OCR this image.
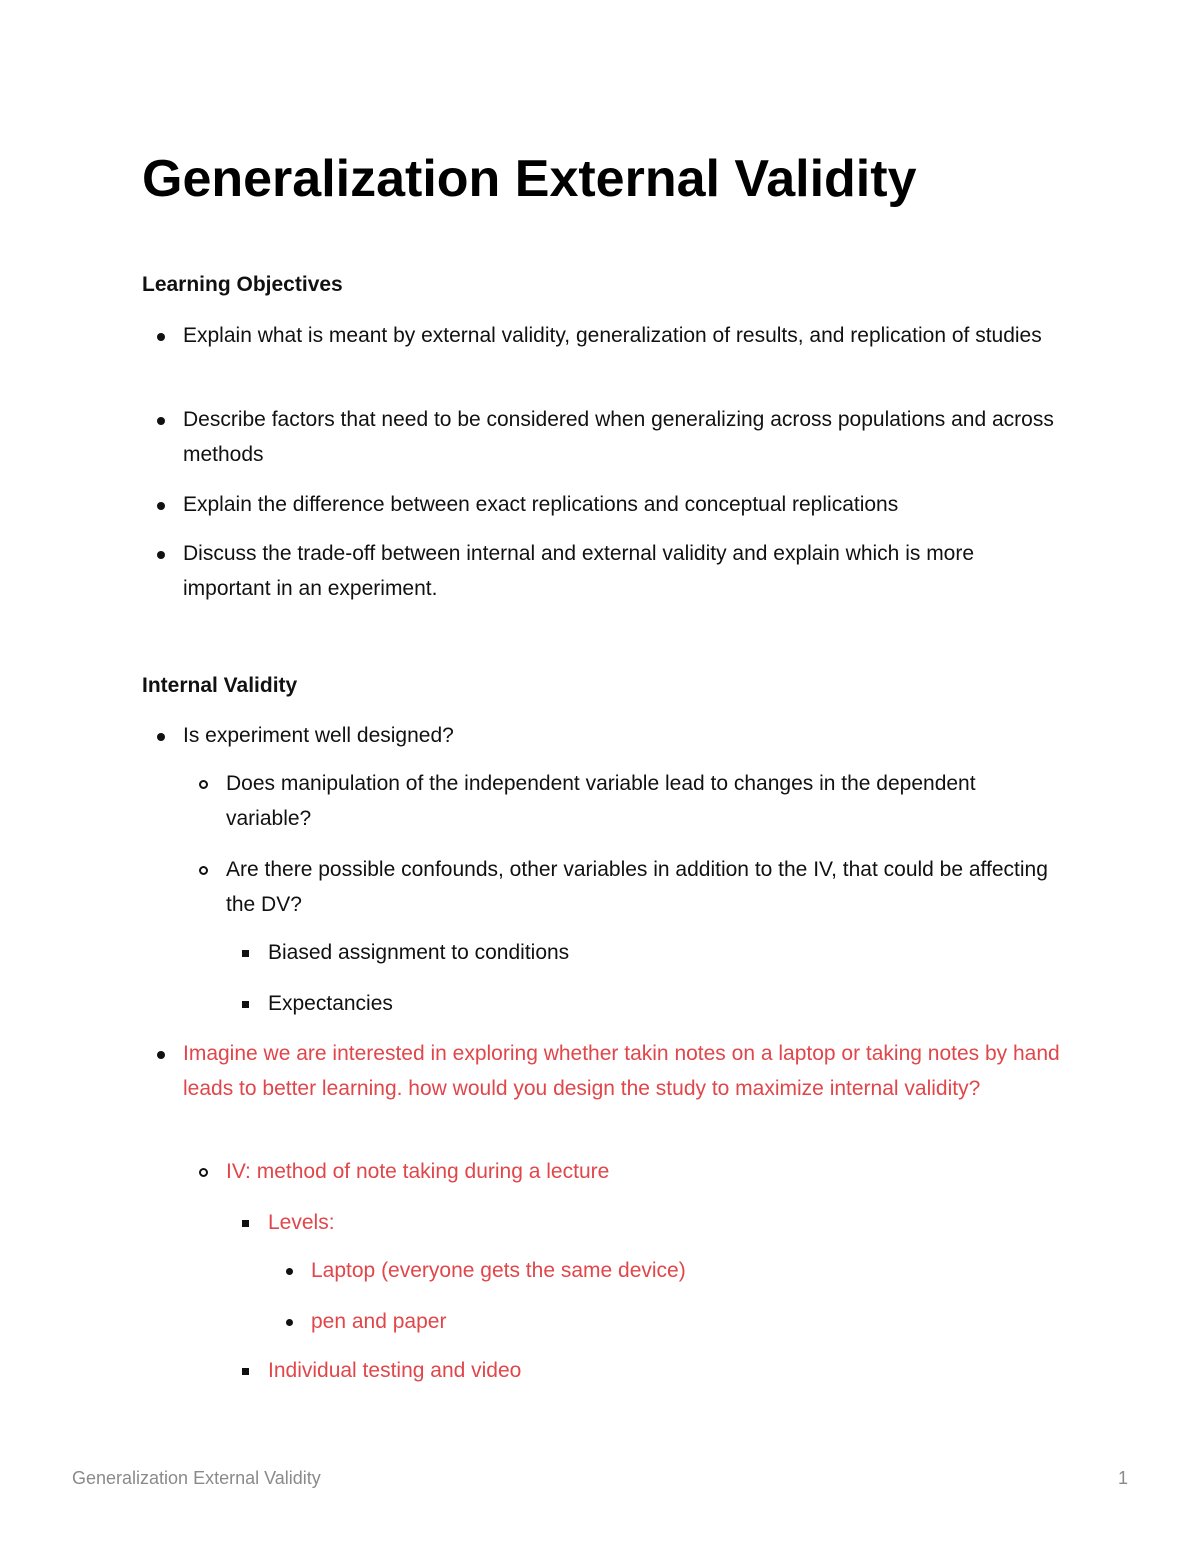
Generalization External Validity
Learning Objectives
Explain what is meant by external validity, generalization of results, and replication of studies
Describe factors that need to be considered when generalizing across populations and across methods
Explain the difference between exact replications and conceptual replications
Discuss the trade-off between internal and external validity and explain which is more important in an experiment.
Internal Validity
Is experiment well designed?
Does manipulation of the independent variable lead to changes in the dependent variable?
Are there possible confounds, other variables in addition to the IV, that could be affecting the DV?
Biased assignment to conditions
Expectancies
Imagine we are interested in exploring whether takin notes on a laptop or taking notes by hand leads to better learning. how would you design the study to maximize internal validity?
IV: method of note taking during a lecture
Levels:
Laptop (everyone gets the same device)
pen and paper
Individual testing and video
Generalization External Validity	1
